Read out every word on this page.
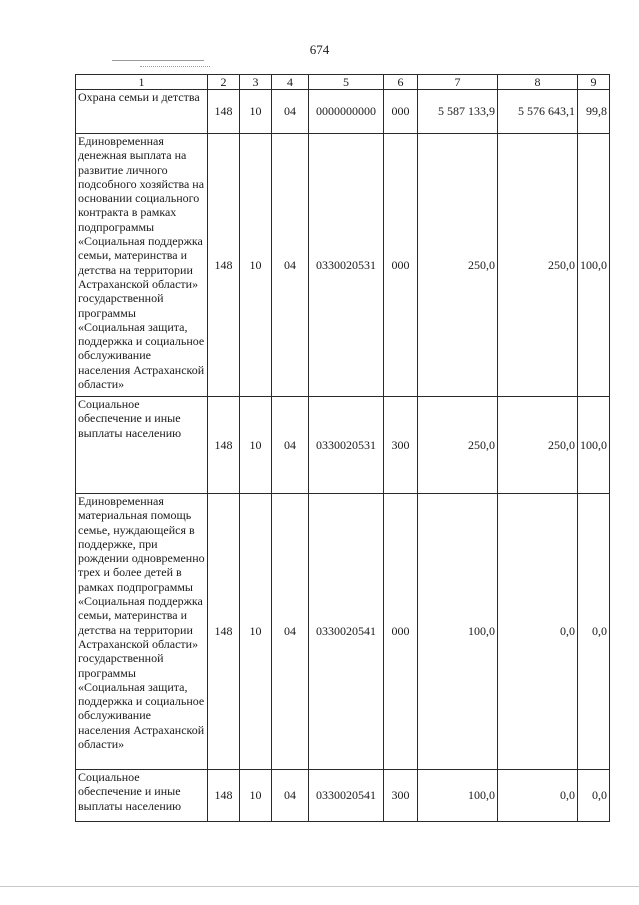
674
1	2	3	4	5	6	7	8	9
Охрана семьи и детства	148	10	04	0000000000	000	5 587 133,9	5 576 643,1	99,8
Единовременная денежная выплата на развитие личного подсобного хозяйства на основании социального контракта в рамках подпрограммы «Социальная поддержка семьи, материнства и детства на территории Астраханской области» государственной программы «Социальная защита, поддержка и социальное обслуживание населения Астраханской области»	148	10	04	0330020531	000	250,0	250,0	100,0
Социальное обеспечение и иные выплаты населению	148	10	04	0330020531	300	250,0	250,0	100,0
Единовременная материальная помощь семье, нуждающейся в поддержке, при рождении одновременно трех и более детей в рамках подпрограммы «Социальная поддержка семьи, материнства и детства на территории Астраханской области» государственной программы «Социальная защита, поддержка и социальное обслуживание населения Астраханской области»	148	10	04	0330020541	000	100,0	0,0	0,0
Социальное обеспечение и иные выплаты населению	148	10	04	0330020541	300	100,0	0,0	0,0
